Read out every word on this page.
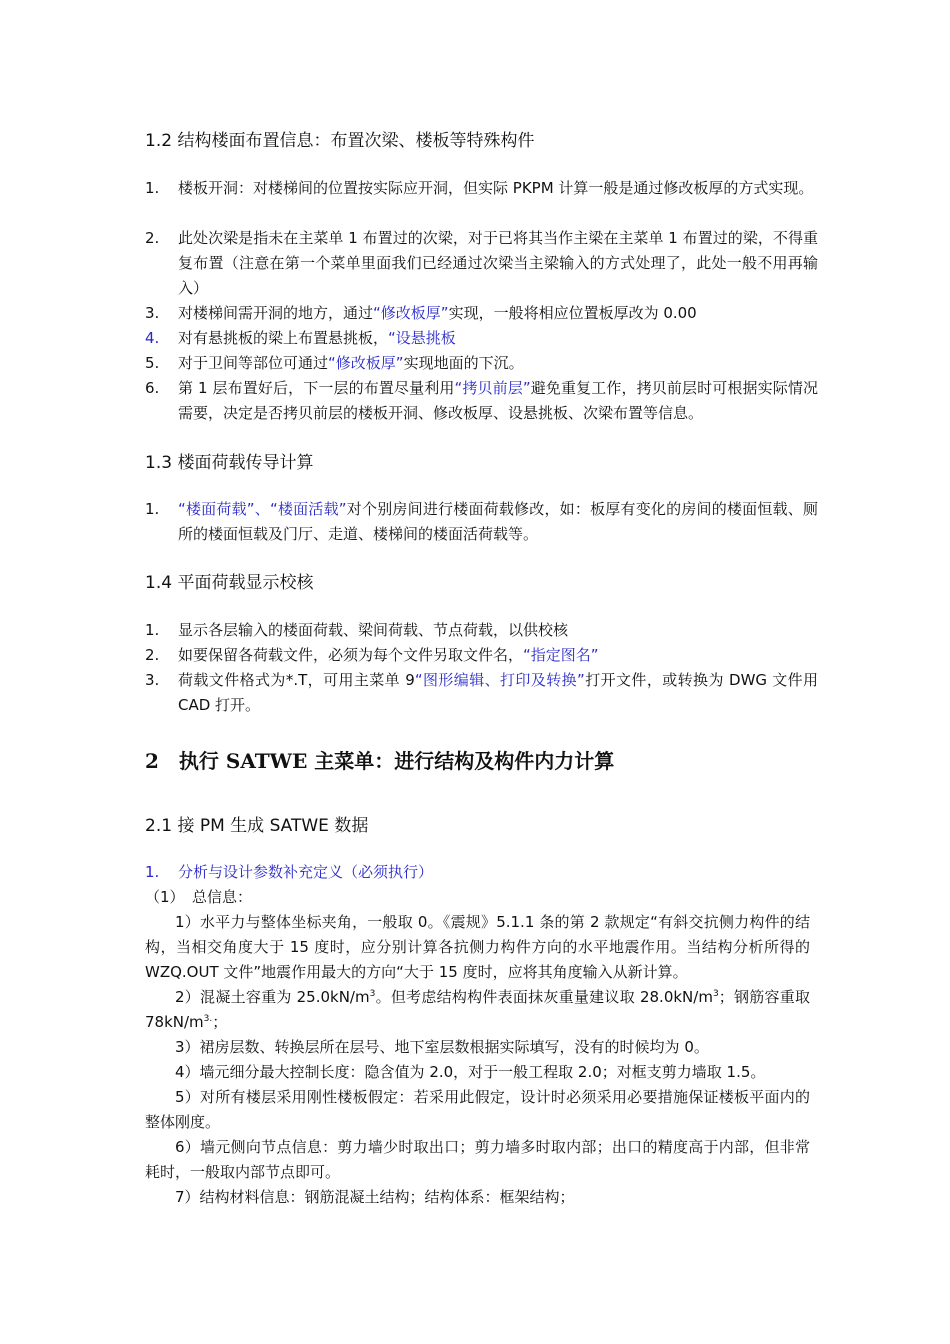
1.2 结构楼面布置信息：布置次梁、楼板等特殊构件
1.	楼板开洞：对楼梯间的位置按实际应开洞，但实际 PKPM 计算一般是通过修改板厚的方式实现。
2.	此处次梁是指未在主菜单 1 布置过的次梁，对于已将其当作主梁在主菜单 1 布置过的梁，不得重复布置（注意在第一个菜单里面我们已经通过次梁当主梁输入的方式处理了，此处一般不用再输入）
3.	对楼梯间需开洞的地方，通过“修改板厚”实现，一般将相应位置板厚改为 0.00
4.	对有悬挑板的梁上布置悬挑板，“设悬挑板
5.	对于卫间等部位可通过“修改板厚”实现地面的下沉。
6.	第 1 层布置好后，下一层的布置尽量利用“拷贝前层”避免重复工作，拷贝前层时可根据实际情况需要，决定是否拷贝前层的楼板开洞、修改板厚、设悬挑板、次梁布置等信息。
1.3 楼面荷载传导计算
1.	“楼面荷载”、“楼面活载”对个别房间进行楼面荷载修改，如：板厚有变化的房间的楼面恒载、厕所的楼面恒载及门厅、走道、楼梯间的楼面活荷载等。
1.4 平面荷载显示校核
1.	显示各层输入的楼面荷载、梁间荷载、节点荷载，以供校核
2.	如要保留各荷载文件，必须为每个文件另取文件名，“指定图名”
3.	荷载文件格式为*.T，可用主菜单 9“图形编辑、打印及转换”打开文件，或转换为 DWG 文件用 CAD 打开。
2　执行 SATWE 主菜单：进行结构及构件内力计算
2.1 接 PM 生成 SATWE 数据
1.	分析与设计参数补充定义（必须执行）
（1）　总信息：
1）水平力与整体坐标夹角，一般取 0。《震规》5.1.1 条的第 2 款规定“有斜交抗侧力构件的结构，当相交角度大于 15 度时，应分别计算各抗侧力构件方向的水平地震作用。当结构分析所得的 WZQ.OUT 文件”地震作用最大的方向“大于 15 度时，应将其角度输入从新计算。
2）混凝土容重为 $25.0kN/m^3$。但考虑结构构件表面抹灰重量建议取 $28.0kN/m^3$；钢筋容重取 $78kN/m^{3.}$；
3）裙房层数、转换层所在层号、地下室层数根据实际填写，没有的时候均为 0。
4）墙元细分最大控制长度：隐含值为 2.0，对于一般工程取 2.0；对框支剪力墙取 1.5。
5）对所有楼层采用刚性楼板假定：若采用此假定，设计时必须采用必要措施保证楼板平面内的整体刚度。
6）墙元侧向节点信息：剪力墙少时取出口；剪力墙多时取内部；出口的精度高于内部，但非常耗时，一般取内部节点即可。
7）结构材料信息：钢筋混凝土结构；结构体系：框架结构；
